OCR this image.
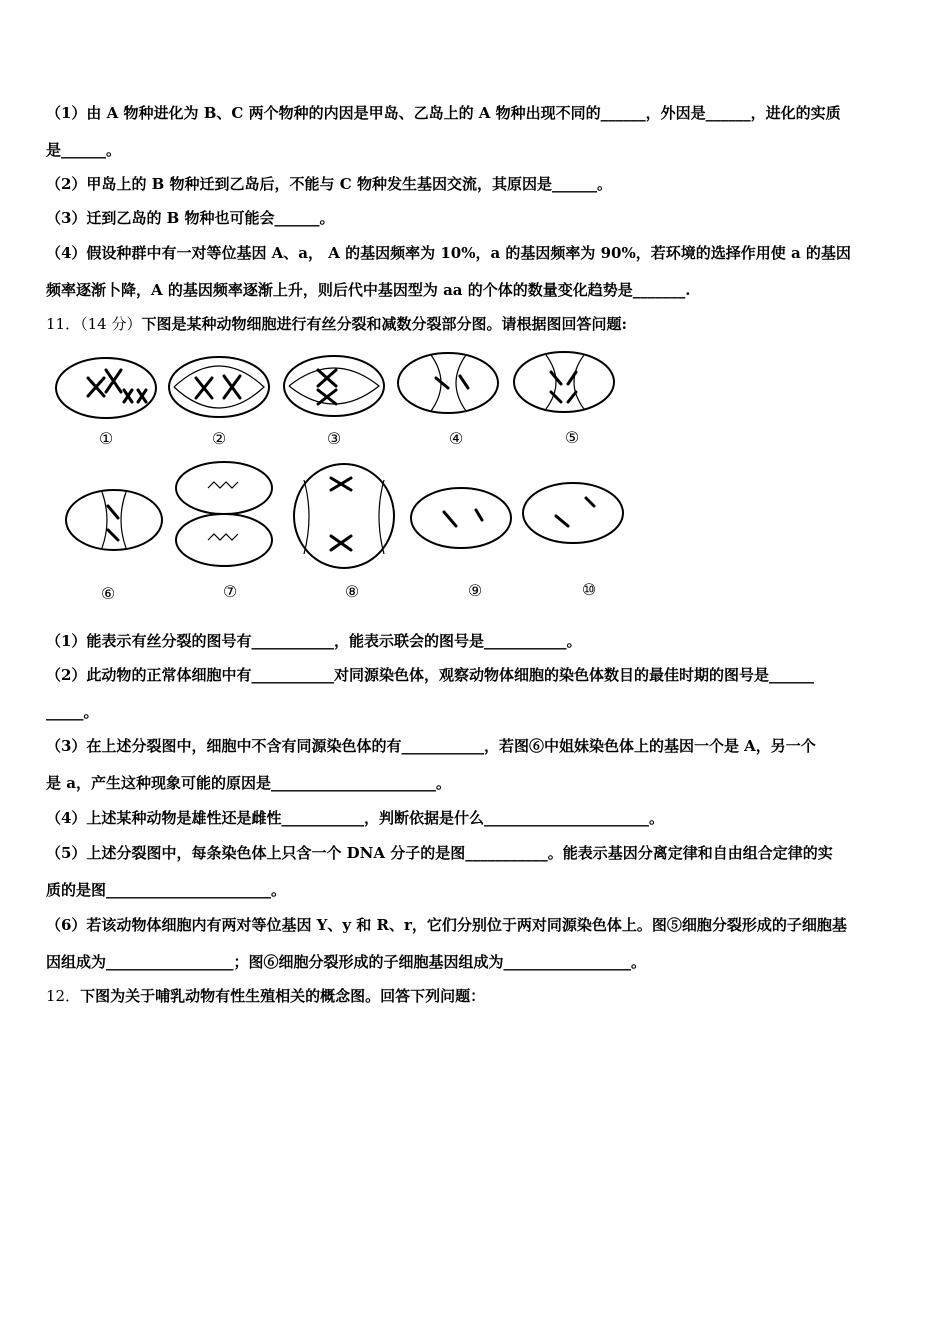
（1）由 A 物种进化为 B、C 两个物种的内因是甲岛、乙岛上的 A 物种出现不同的______，外因是______，进化的实质
是______。
（2）甲岛上的 B 物种迁到乙岛后，不能与 C 物种发生基因交流，其原因是______。
（3）迁到乙岛的 B 物种也可能会______。
（4）假设种群中有一对等位基因 A、a， A 的基因频率为 10%，a 的基因频率为 90%，若环境的选择作用使 a 的基因
频率逐渐卜降，A 的基因频率逐渐上升，则后代中基因型为 aa 的个体的数量变化趋势是_______.
11．（14 分）下图是某种动物细胞进行有丝分裂和减数分裂部分图。请根据图回答问题:
①	②	③	④	⑤
⑥	⑦	⑧	⑨	⑩
（1）能表示有丝分裂的图号有___________，能表示联会的图号是___________。
（2）此动物的正常体细胞中有___________对同源染色体，观察动物体细胞的染色体数目的最佳时期的图号是______
_____。
（3）在上述分裂图中，细胞中不含有同源染色体的有___________，若图⑥中姐妹染色体上的基因一个是 A，另一个
是 a，产生这种现象可能的原因是______________________。
（4）上述某种动物是雄性还是雌性___________，判断依据是什么______________________。
（5）上述分裂图中，每条染色体上只含一个 DNA 分子的是图___________。能表示基因分离定律和自由组合定律的实
质的是图______________________。
（6）若该动物体细胞内有两对等位基因 Y、y 和 R、r，它们分别位于两对同源染色体上。图⑤细胞分裂形成的子细胞基
因组成为_________________；图⑥细胞分裂形成的子细胞基因组成为_________________。
12．下图为关于哺乳动物有性生殖相关的概念图。回答下列问题：
